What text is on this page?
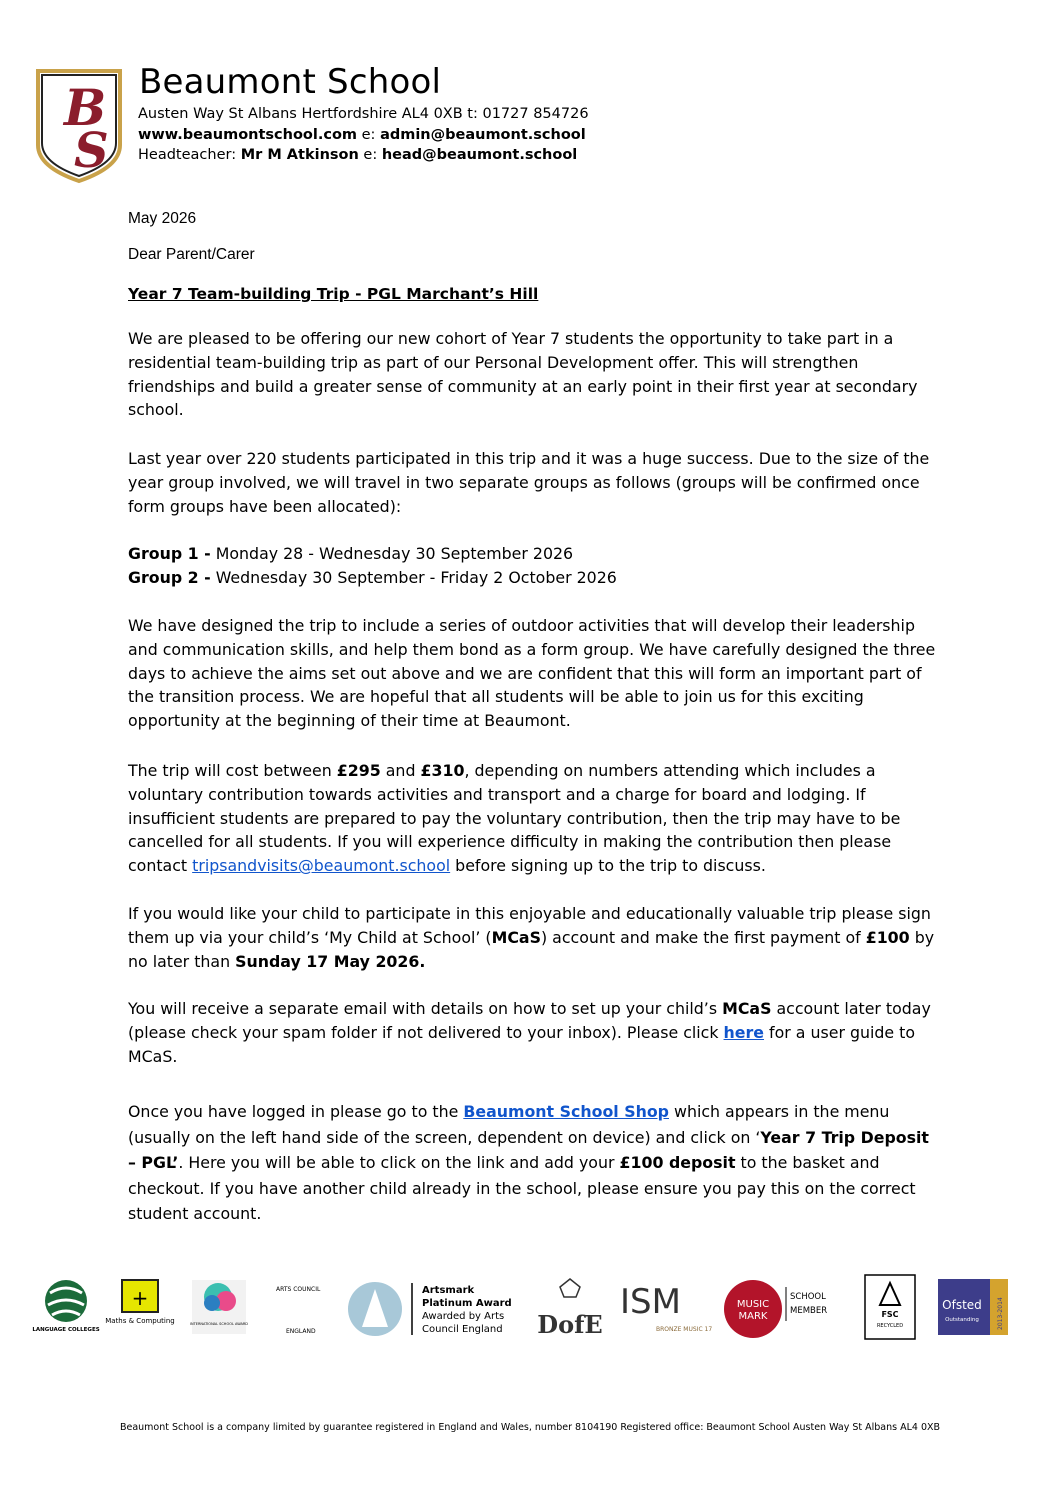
B
S
Beaumont School
Austen Way St Albans Hertfordshire AL4 0XB t: 01727 854726
www.beaumontschool.com e: admin@beaumont.school
Headteacher: Mr M Atkinson e: head@beaumont.school
May 2026
Dear Parent/Carer
Year 7 Team-building Trip - PGL Marchant’s Hill
We are pleased to be offering our new cohort of Year 7 students the opportunity to take part in a residential team-building trip as part of our Personal Development offer. This will strengthen friendships and build a greater sense of community at an early point in their first year at secondary school.
Last year over 220 students participated in this trip and it was a huge success. Due to the size of the year group involved, we will travel in two separate groups as follows (groups will be confirmed once form groups have been allocated):
Group 1 - Monday 28 - Wednesday 30 September 2026
Group 2 - Wednesday 30 September - Friday 2 October 2026
We have designed the trip to include a series of outdoor activities that will develop their leadership and communication skills, and help them bond as a form group. We have carefully designed the three days to achieve the aims set out above and we are confident that this will form an important part of the transition process. We are hopeful that all students will be able to join us for this exciting opportunity at the beginning of their time at Beaumont.
The trip will cost between £295 and £310, depending on numbers attending which includes a voluntary contribution towards activities and transport and a charge for board and lodging. If insufficient students are prepared to pay the voluntary contribution, then the trip may have to be cancelled for all students. If you will experience difficulty in making the contribution then please contact tripsandvisits@beaumont.school before signing up to the trip to discuss.
If you would like your child to participate in this enjoyable and educationally valuable trip please sign them up via your child’s ‘My Child at School’ (MCaS) account and make the first payment of £100 by no later than Sunday 17 May 2026.
You will receive a separate email with details on how to set up your child’s MCaS account later today (please check your spam folder if not delivered to your inbox). Please click here for a user guide to MCaS.
Once you have logged in please go to the Beaumont School Shop which appears in the menu (usually on the left hand side of the screen, dependent on device) and click on ‘Year 7 Trip Deposit – PGL’. Here you will be able to click on the link and add your £100 deposit to the basket and checkout. If you have another child already in the school, please ensure you pay this on the correct student account.
LANGUAGE COLLEGES
+
Maths & Computing	INTERNATIONAL SCHOOL AWARD
ARTS COUNCIL
ENGLAND
Artsmark
Platinum Award
Awarded by Arts
Council England DofE
ISM
BRONZE MUSIC 17
MUSIC
MARK
SCHOOL
MEMBER	FSC
RECYCLED
Ofsted
Outstanding	2013-2014
Beaumont School is a company limited by guarantee registered in England and Wales, number 8104190 Registered office: Beaumont School Austen Way St Albans AL4 0XB
